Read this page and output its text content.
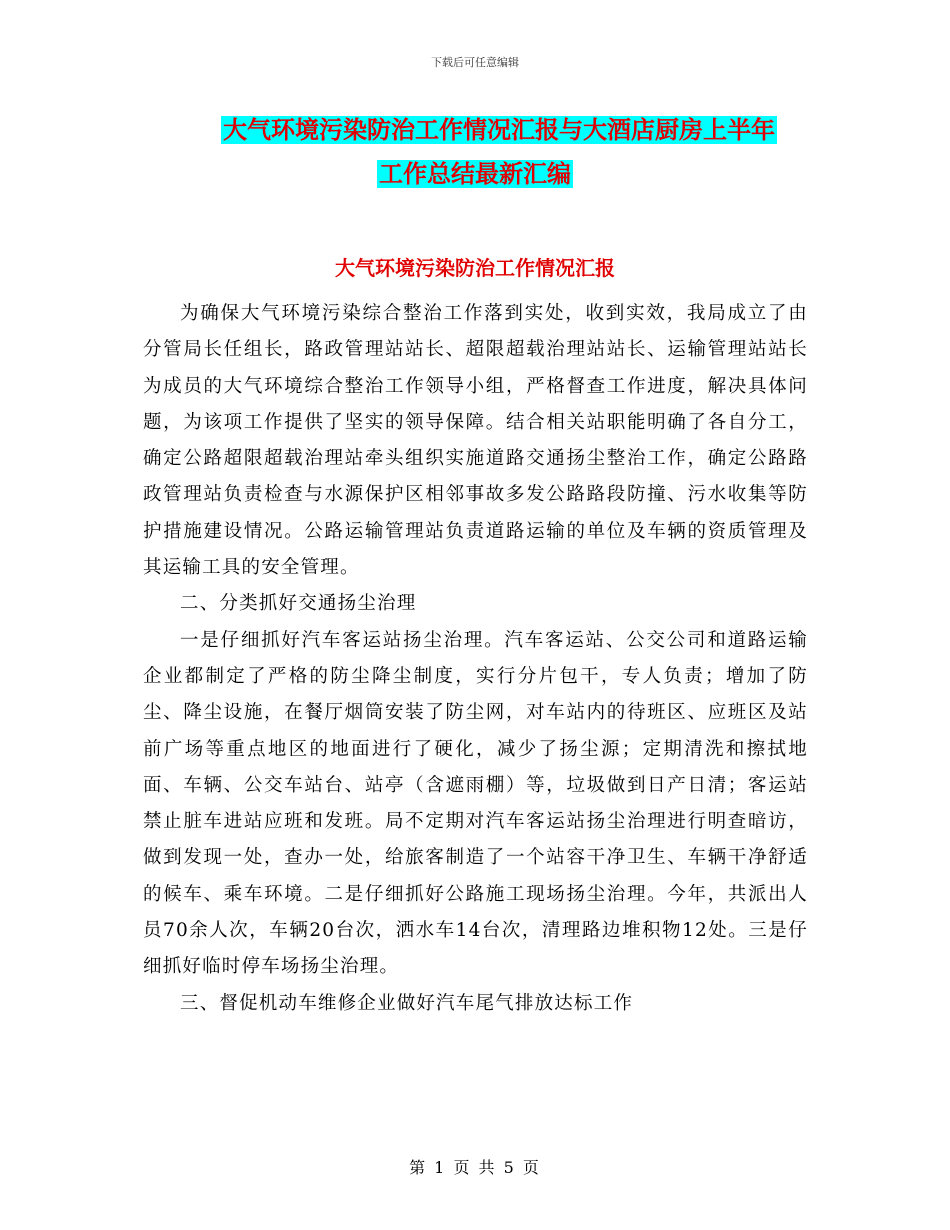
下载后可任意编辑
大气环境污染防治工作情况汇报与大酒店厨房上半年
工作总结最新汇编
大气环境污染防治工作情况汇报

为确保大气环境污染综合整治工作落到实处，收到实效，我局成立了由分管局长任组长，路政管理站站长、超限超载治理站站长、运输管理站站长为成员的大气环境综合整治工作领导小组，严格督查工作进度，解决具体问题，为该项工作提供了坚实的领导保障。结合相关站职能明确了各自分工，确定公路超限超载治理站牵头组织实施道路交通扬尘整治工作，确定公路路政管理站负责检查与水源保护区相邻事故多发公路路段防撞、污水收集等防护措施建设情况。公路运输管理站负责道路运输的单位及车辆的资质管理及其运输工具的安全管理。

二、分类抓好交通扬尘治理

一是仔细抓好汽车客运站扬尘治理。汽车客运站、公交公司和道路运输企业都制定了严格的防尘降尘制度，实行分片包干，专人负责；增加了防尘、降尘设施，在餐厅烟筒安装了防尘网，对车站内的待班区、应班区及站前广场等重点地区的地面进行了硬化，减少了扬尘源；定期清洗和擦拭地面、车辆、公交车站台、站亭（含遮雨棚）等，垃圾做到日产日清；客运站禁止脏车进站应班和发班。局不定期对汽车客运站扬尘治理进行明查暗访，做到发现一处，查办一处，给旅客制造了一个站容干净卫生、车辆干净舒适的候车、乘车环境。二是仔细抓好公路施工现场扬尘治理。今年，共派出人员70余人次，车辆20台次，洒水车14台次，清理路边堆积物12处。三是仔细抓好临时停车场扬尘治理。

三、督促机动车维修企业做好汽车尾气排放达标工作

第 1 页 共 5 页
